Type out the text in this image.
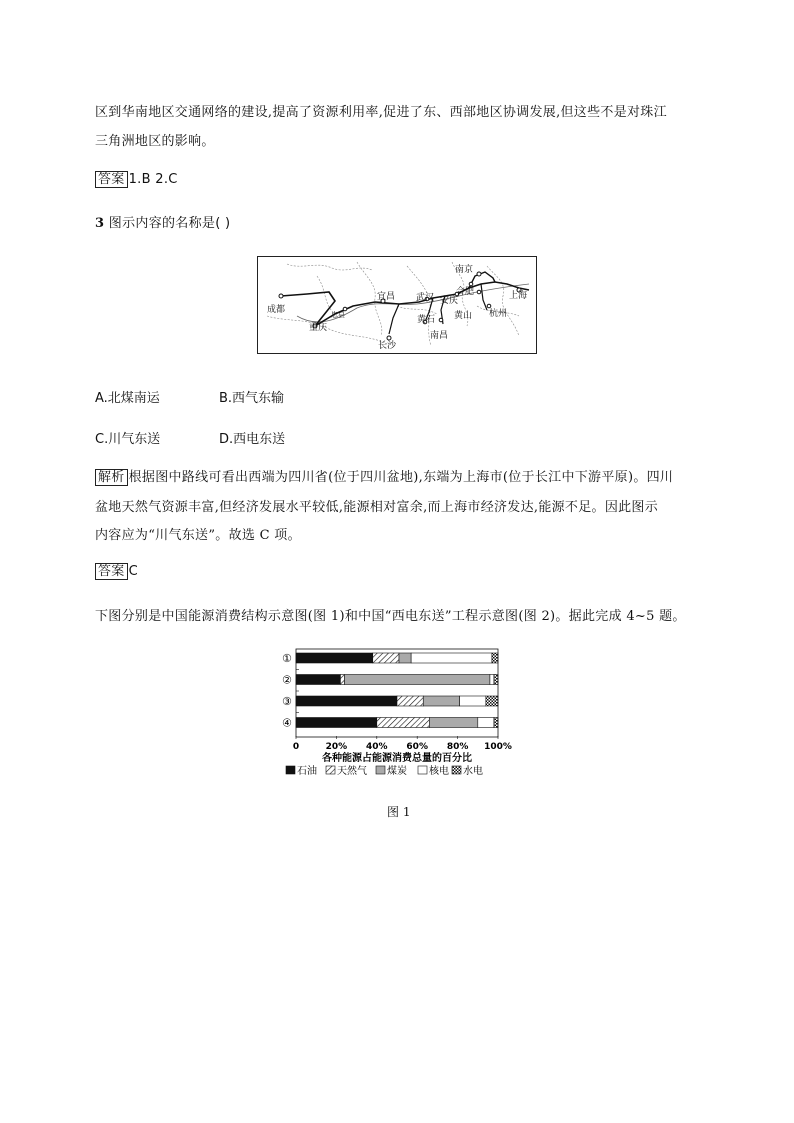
区到华南地区交通网络的建设,提高了资源利用率,促进了东、西部地区协调发展,但这些不是对珠江
三角洲地区的影响。
答案 1.B 2.C
3 图示内容的名称是( )
南京
合肥
武汉 安庆
宜昌
成都
重庆
黄山
上海
杭州
黄石
长沙
南昌
忠县
A.北煤南运	B.西气东输
C.川气东送	D.西电东送
解析 根据图中路线可看出西端为四川省(位于四川盆地),东端为上海市(位于长江中下游平原)。四川
盆地天然气资源丰富,但经济发展水平较低,能源相对富余,而上海市经济发达,能源不足。因此图示
内容应为“川气东送”。故选 C 项。
答案 C
下图分别是中国能源消费结构示意图(图 1)和中国“西电东送”工程示意图(图 2)。据此完成 4~5 题。
①
②
③
④
0	20% 40% 60% 80% 100%
各种能源占能源消费总量的百分比
石油 天然气 煤炭 核电 水电
图 1
